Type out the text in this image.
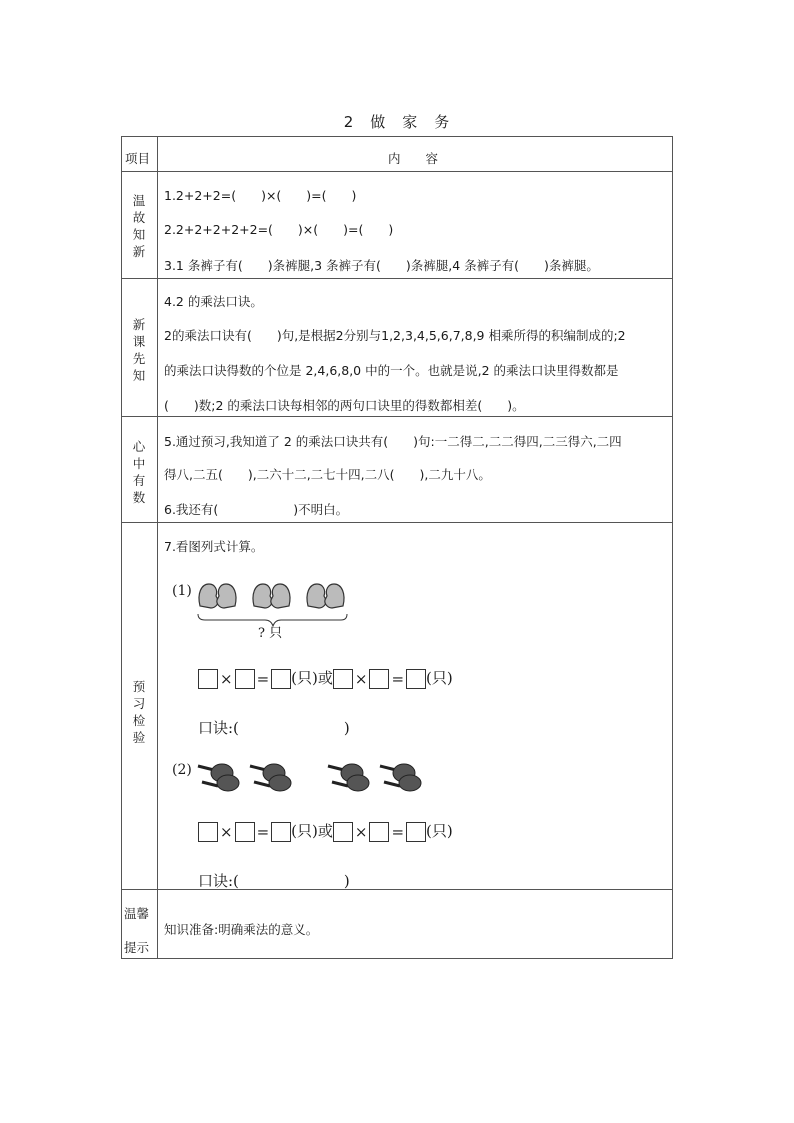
2　做　家　务
项目	内　　容
温故知新
1.2+2+2=(　　)×(　　)=(　　)
2.2+2+2+2+2=(　　)×(　　)=(　　)
3.1 条裤子有(　　)条裤腿,3 条裤子有(　　)条裤腿,4 条裤子有(　　)条裤腿。
新课先知
4.2 的乘法口诀。
2的乘法口诀有(　　)句,是根据2分别与1,2,3,4,5,6,7,8,9 相乘所得的积编制成的;2
的乘法口诀得数的个位是 2,4,6,8,0 中的一个。也就是说,2 的乘法口诀里得数都是
(　　)数;2 的乘法口诀每相邻的两句口诀里的得数都相差(　　)。
心中有数
5.通过预习,我知道了 2 的乘法口诀共有(　　)句:一二得二,二二得四,二三得六,二四
得八,二五(　　),二六十二,二七十四,二八(　　),二九十八。
6.我还有(　　　　　　)不明白。
预习检验
7.看图列式计算。
(1)
? 只
× = (只)或 × = (只)
口诀:(　　　　　　　)
(2)
× = (只)或 × = (只)
口诀:(　　　　　　　)
温馨
提示
知识准备:明确乘法的意义。
